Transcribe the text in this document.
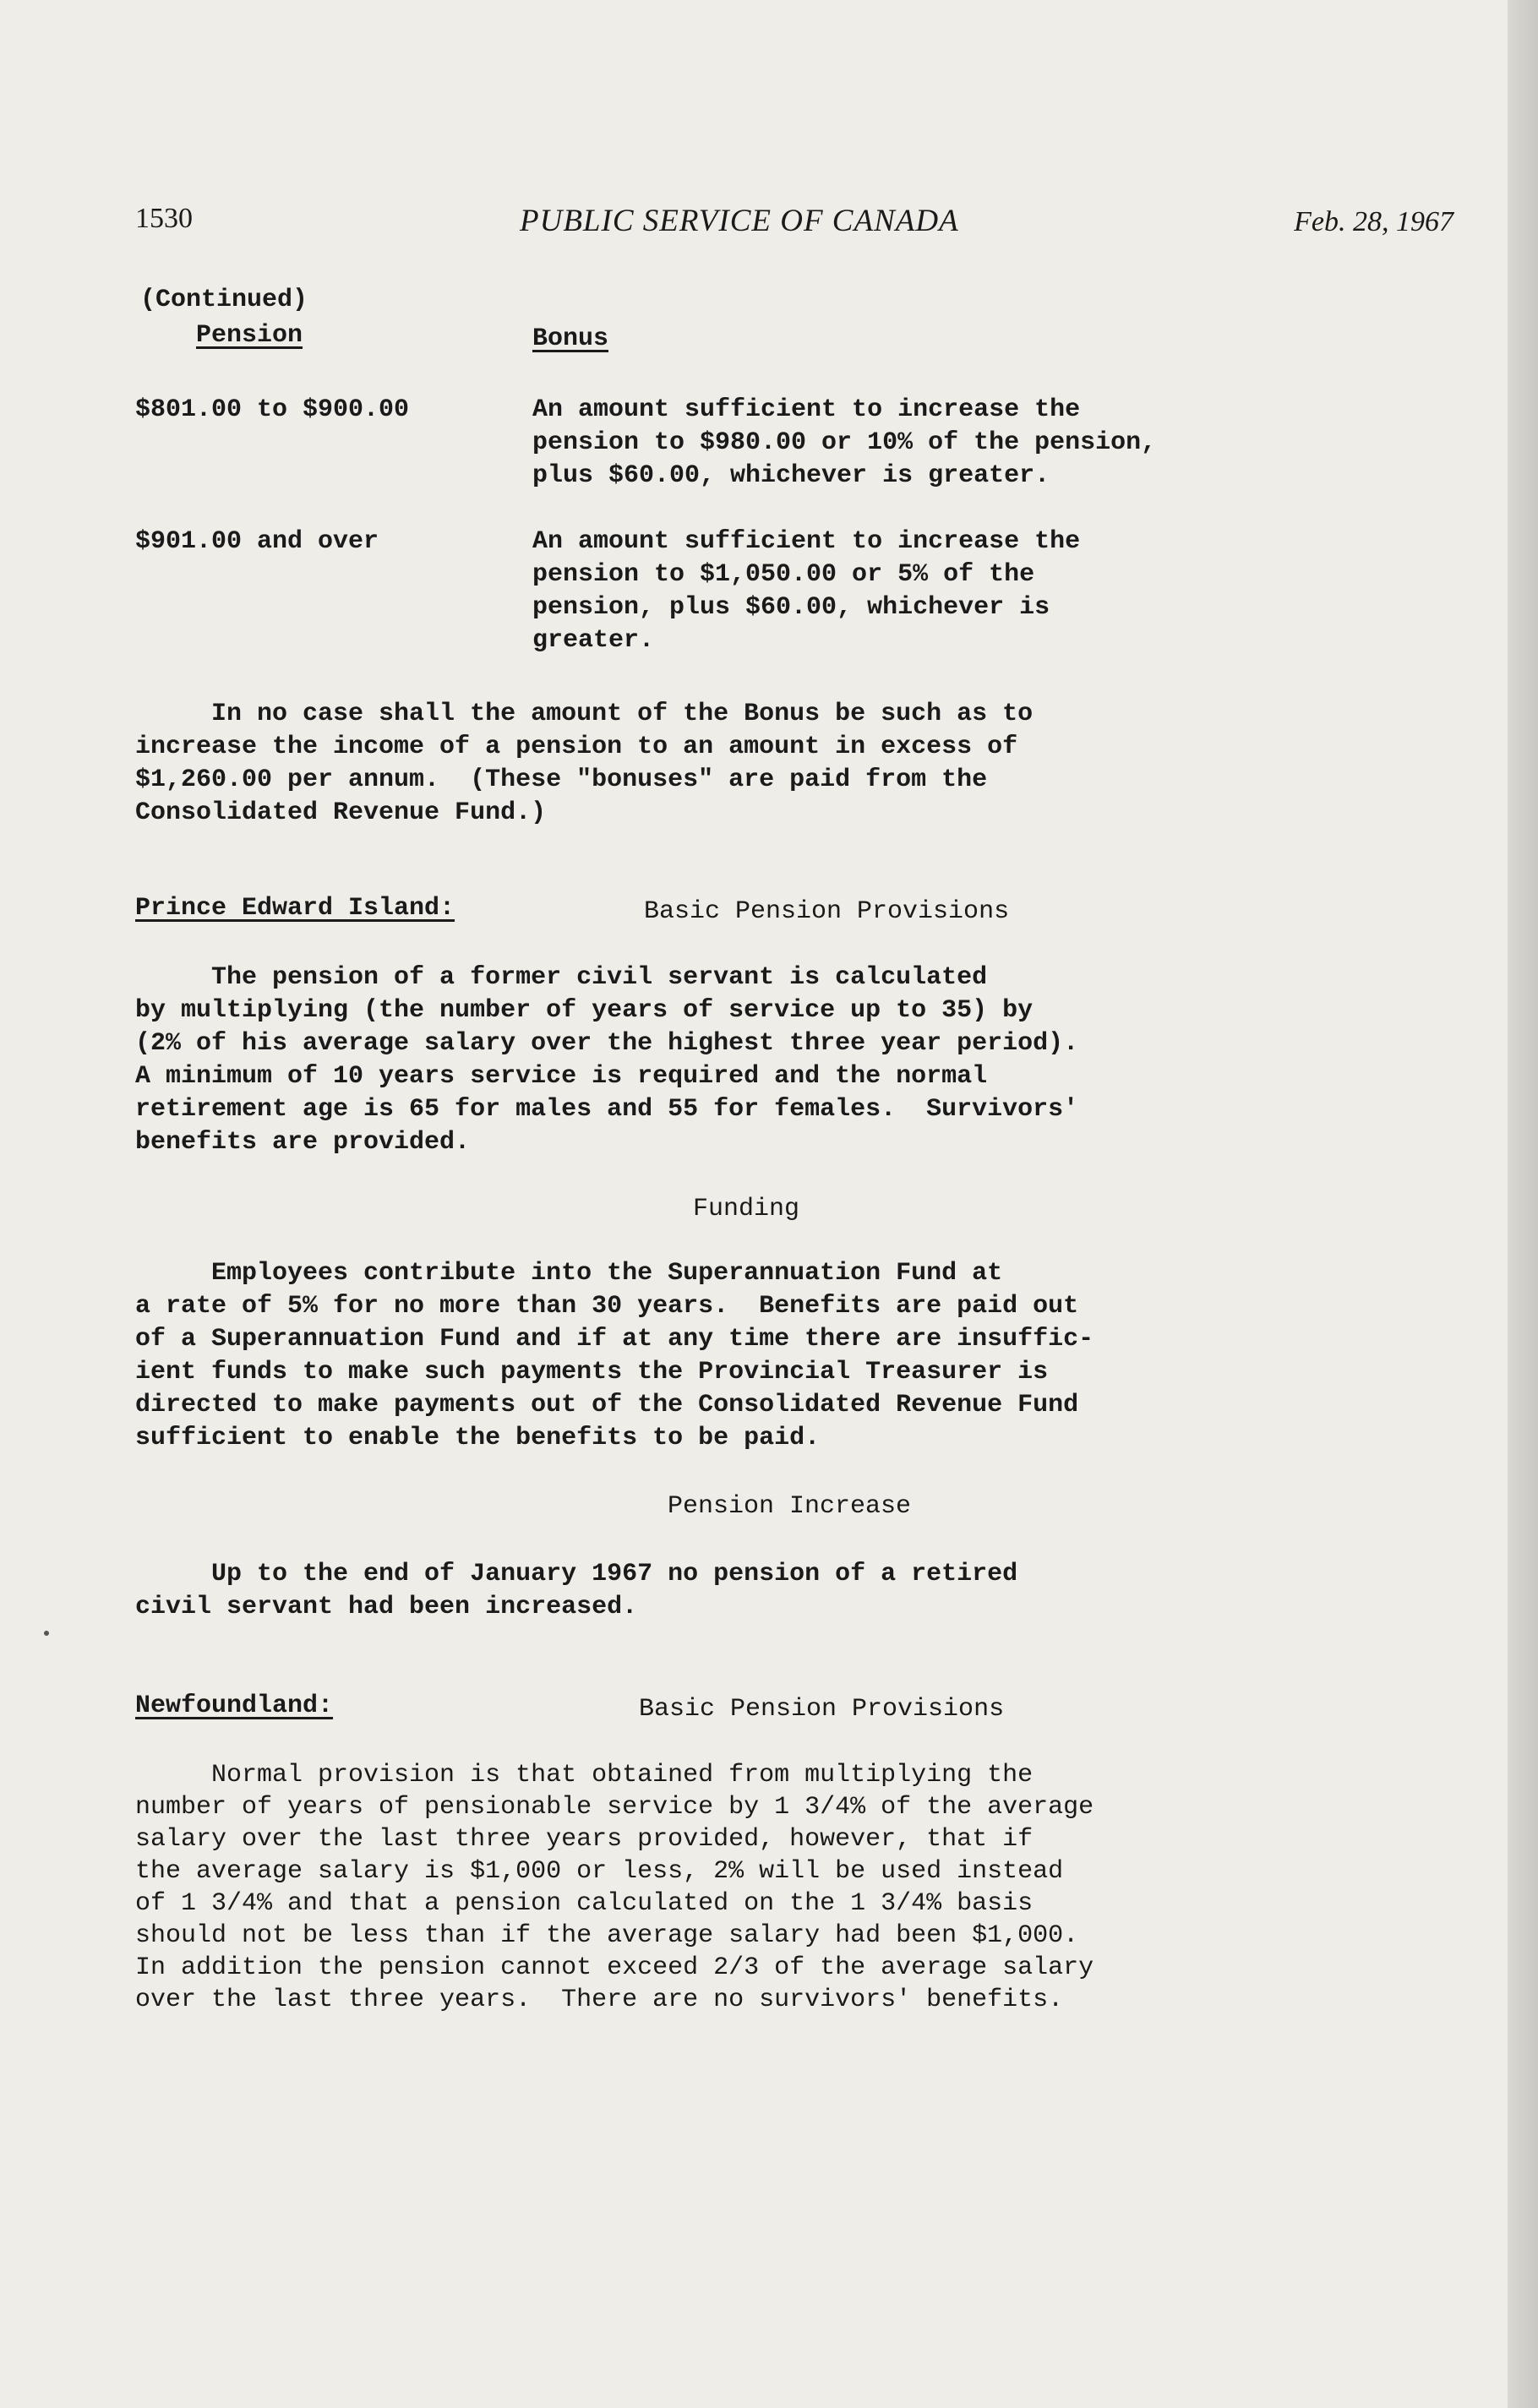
1530	PUBLIC SERVICE OF CANADA	Feb. 28, 1967
(Continued)
Pension	Bonus
$801.00 to $900.00	An amount sufficient to increase the
pension to $980.00 or 10% of the pension,
plus $60.00, whichever is greater.
$901.00 and over	An amount sufficient to increase the
pension to $1,050.00 or 5% of the
pension, plus $60.00, whichever is
greater.
In no case shall the amount of the Bonus be such as to
increase the income of a pension to an amount in excess of
$1,260.00 per annum.  (These "bonuses" are paid from the
Consolidated Revenue Fund.)
Prince Edward Island:	Basic Pension Provisions
The pension of a former civil servant is calculated
by multiplying (the number of years of service up to 35) by
(2% of his average salary over the highest three year period).
A minimum of 10 years service is required and the normal
retirement age is 65 for males and 55 for females.  Survivors'
benefits are provided.
Funding
Employees contribute into the Superannuation Fund at
a rate of 5% for no more than 30 years.  Benefits are paid out
of a Superannuation Fund and if at any time there are insuffic-
ient funds to make such payments the Provincial Treasurer is
directed to make payments out of the Consolidated Revenue Fund
sufficient to enable the benefits to be paid.
Pension Increase
Up to the end of January 1967 no pension of a retired
civil servant had been increased.
Newfoundland:	Basic Pension Provisions
Normal provision is that obtained from multiplying the
number of years of pensionable service by 1 3/4% of the average
salary over the last three years provided, however, that if
the average salary is $1,000 or less, 2% will be used instead
of 1 3/4% and that a pension calculated on the 1 3/4% basis
should not be less than if the average salary had been $1,000.
In addition the pension cannot exceed 2/3 of the average salary
over the last three years.  There are no survivors' benefits.
